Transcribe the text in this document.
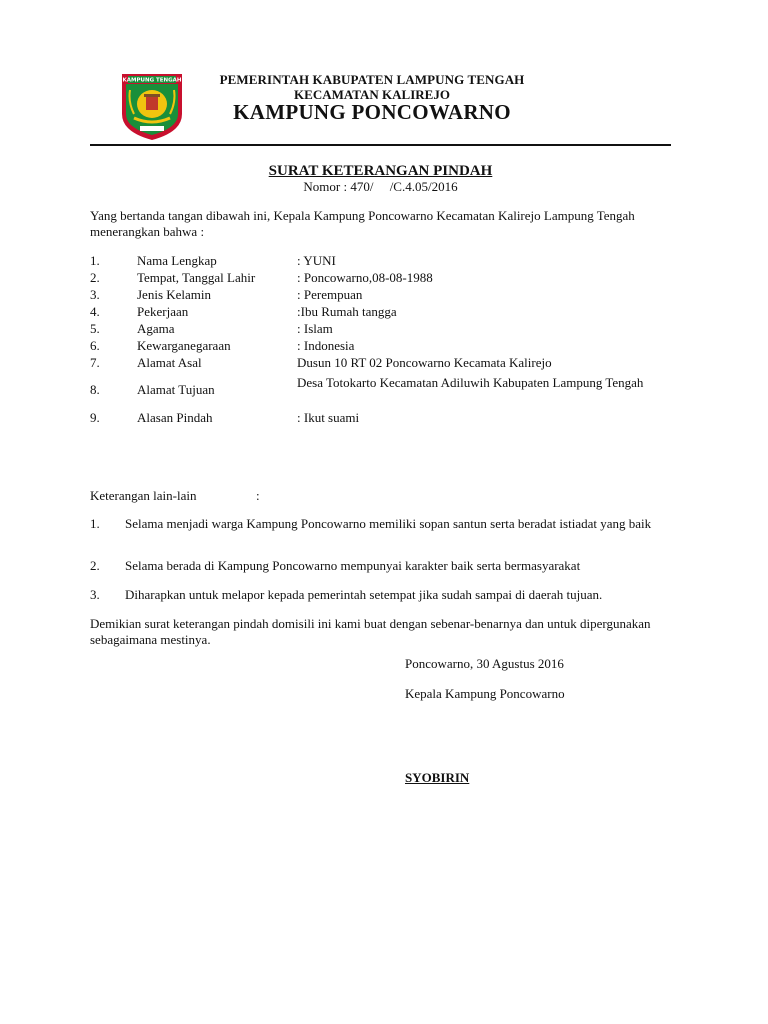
KAMPUNG TENGAH	PEMERINTAH KABUPATEN LAMPUNG TENGAH
KECAMATAN KALIREJO
KAMPUNG PONCOWARNO
SURAT KETERANGAN PINDAH
Nomor : 470/     /C.4.05/2016
Yang bertanda tangan dibawah ini, Kepala Kampung Poncowarno Kecamatan Kalirejo Lampung Tengah menerangkan bahwa :
1.	Nama Lengkap	: YUNI
2.	Tempat, Tanggal Lahir	: Poncowarno,08-08-1988
3.	Jenis Kelamin	: Perempuan
4.	Pekerjaan	:Ibu Rumah tangga
5.	Agama	: Islam
6.	Kewarganegaraan	: Indonesia
7.	Alamat Asal	Dusun 10 RT 02 Poncowarno Kecamata Kalirejo
8.	Alamat Tujuan	Desa Totokarto Kecamatan Adiluwih Kabupaten Lampung Tengah
9.	Alasan Pindah	: Ikut suami
Keterangan lain-lain	:
1.	Selama menjadi warga Kampung Poncowarno memiliki sopan santun serta beradat istiadat yang baik
2.	Selama berada di Kampung Poncowarno mempunyai karakter baik serta bermasyarakat
3.	Diharapkan untuk melapor kepada pemerintah setempat jika sudah sampai di daerah tujuan.
Demikian surat keterangan pindah domisili ini kami buat dengan sebenar-benarnya dan untuk dipergunakan sebagaimana mestinya.
Poncowarno, 30 Agustus 2016
Kepala Kampung Poncowarno
SYOBIRIN
